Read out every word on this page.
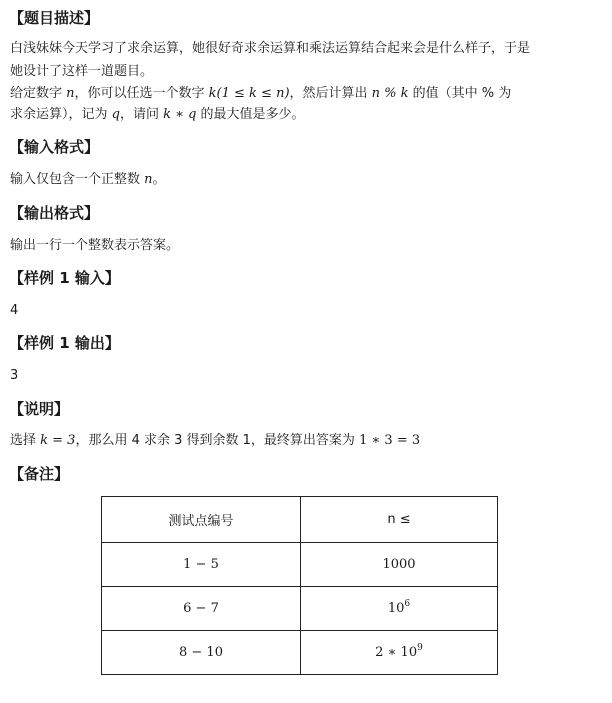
【题目描述】
白浅妹妹今天学习了求余运算，她很好奇求余运算和乘法运算结合起来会是什么样子，于是
她设计了这样一道题目。
给定数字 n，你可以任选一个数字 k(1 ≤ k ≤ n)，然后计算出 n % k 的值（其中 % 为
求余运算），记为 q，请问 k ∗ q 的最大值是多少。
【输入格式】
输入仅包含一个正整数 n。
【输出格式】
输出一行一个整数表示答案。
【样例 1 输入】
4
【样例 1 输出】
3
【说明】
选择 k = 3，那么用 4 求余 3 得到余数 1，最终算出答案为 1 ∗ 3 = 3
【备注】
测试点编号	n ≤
1 − 5	1000
6 − 7	$10^6$
8 − 10	2 ∗ $10^9$
